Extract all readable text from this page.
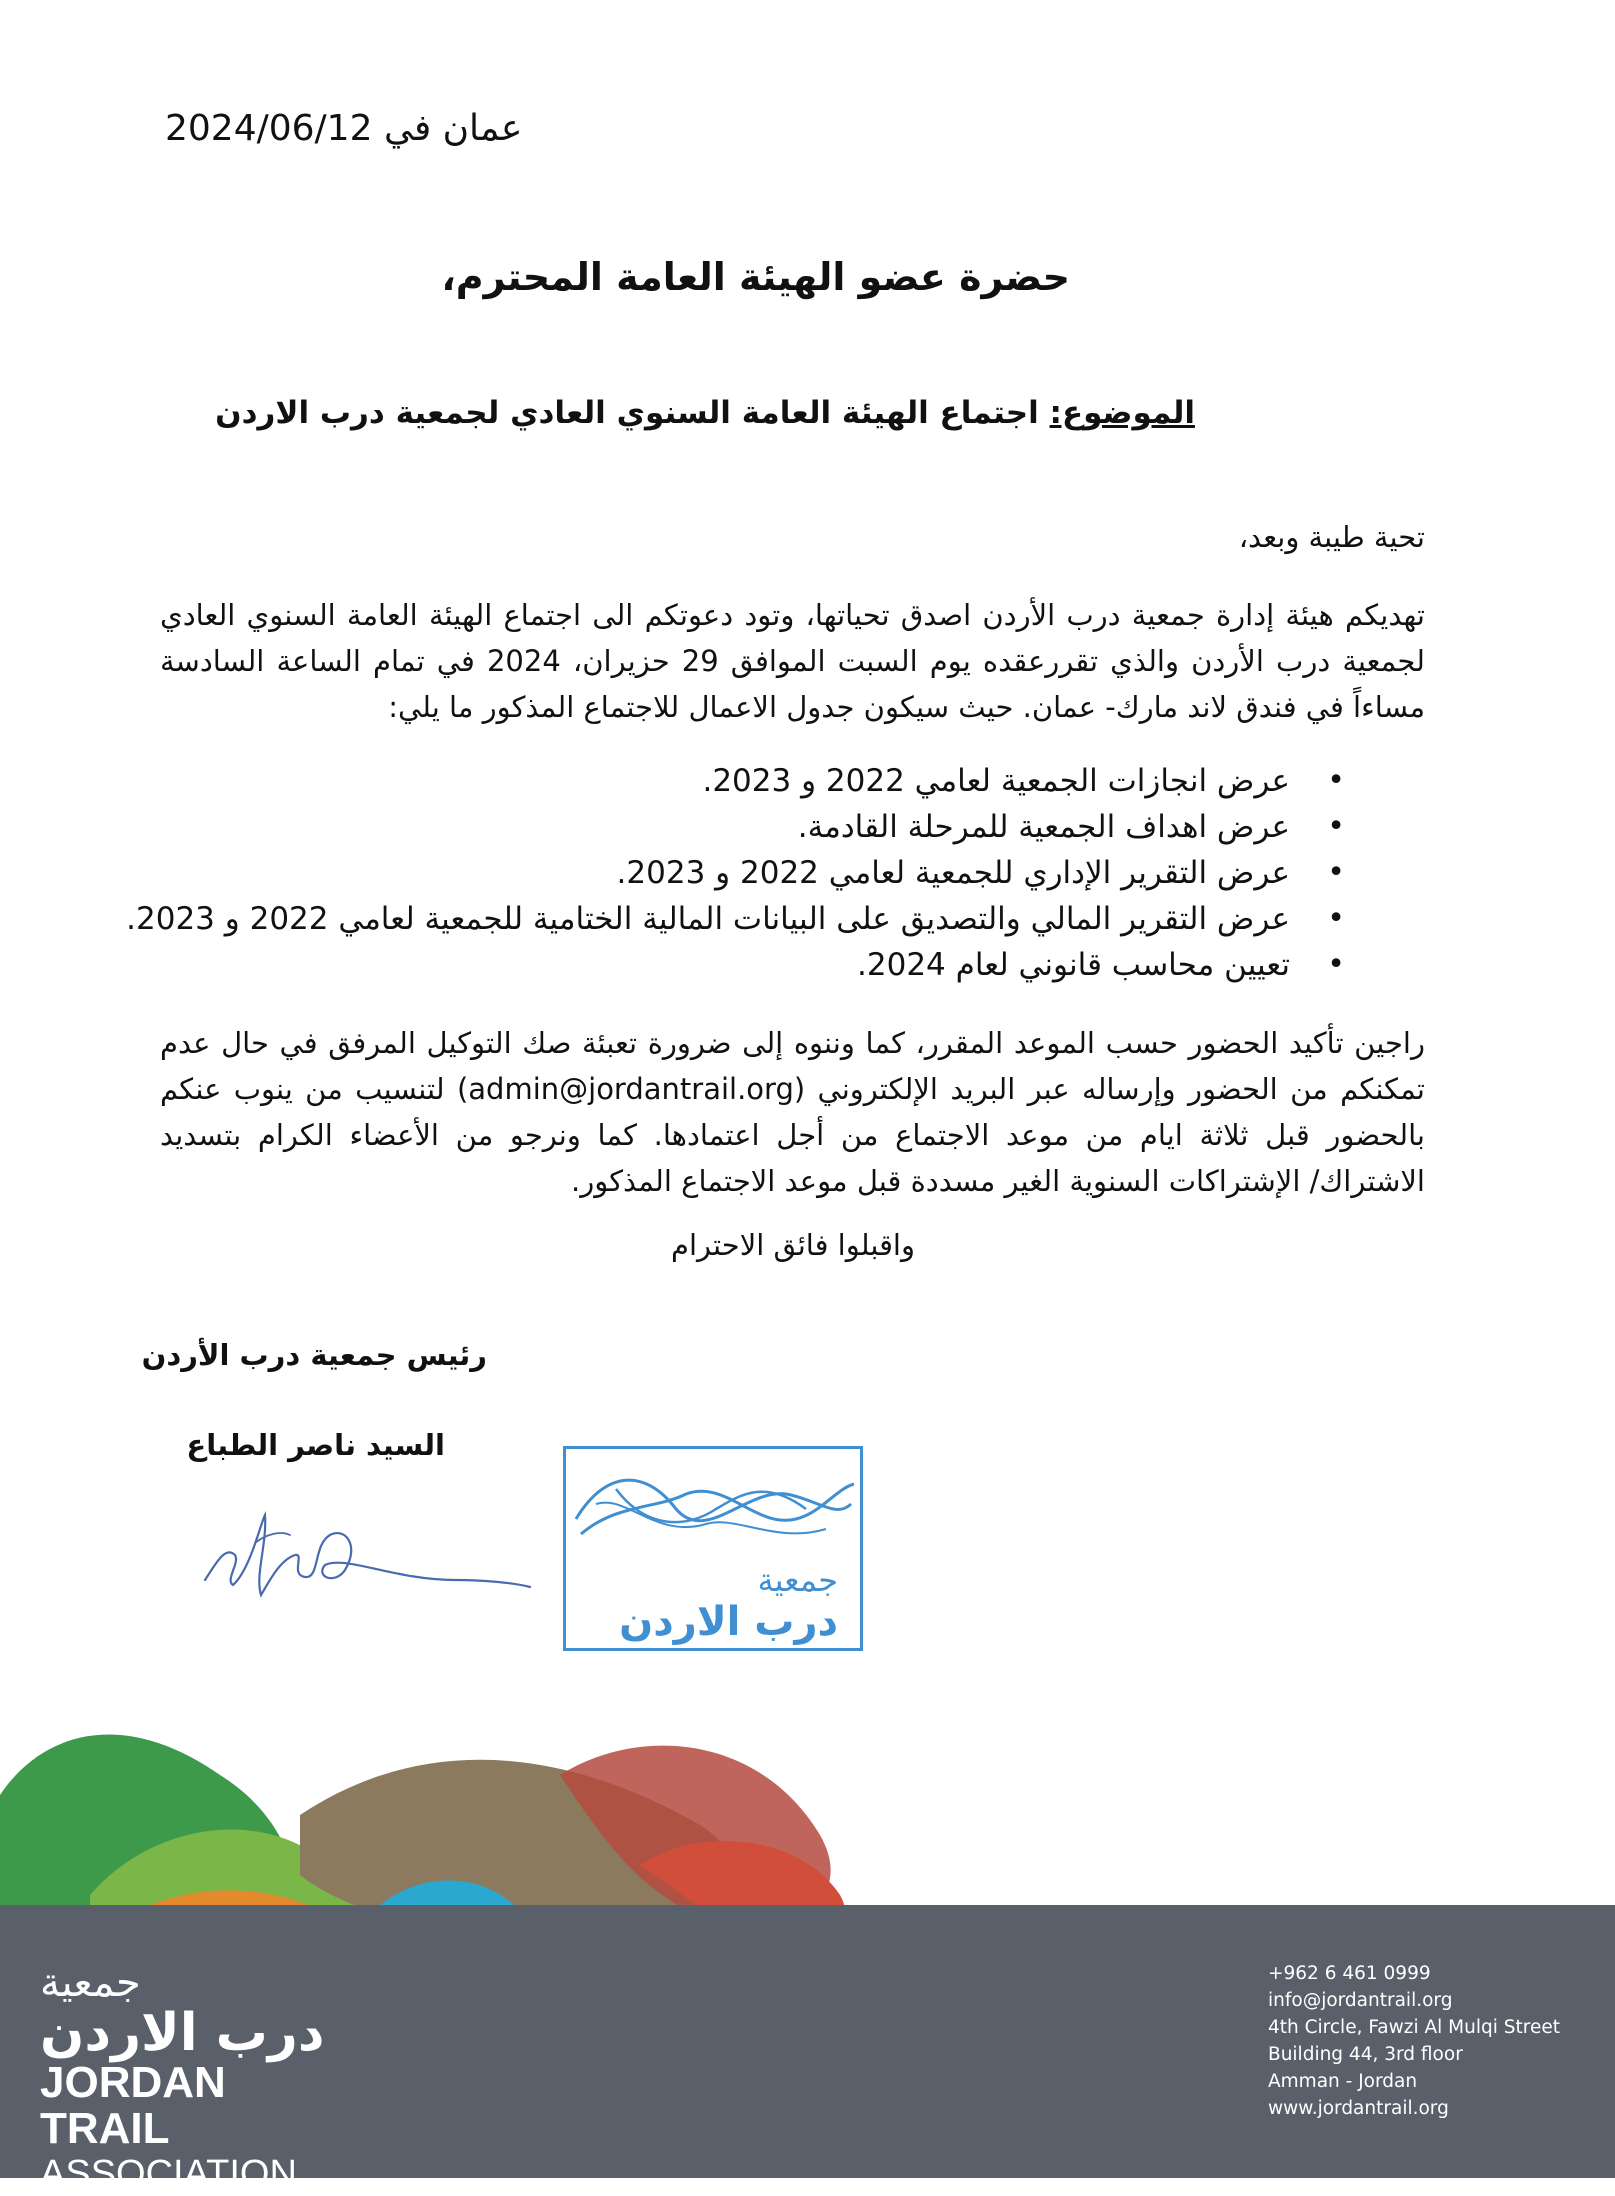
عمان في 2024/06/12
حضرة عضو الهيئة العامة المحترم،
الموضوع: اجتماع الهيئة العامة السنوي العادي لجمعية درب الاردن
تحية طيبة وبعد،
تهديكم هيئة إدارة جمعية درب الأردن اصدق تحياتها، وتود دعوتكم الى اجتماع الهيئة العامة السنوي العادي لجمعية درب الأردن والذي تقررعقده يوم السبت الموافق 29 حزيران، 2024 في تمام الساعة السادسة مساءاً في فندق لاند مارك- عمان. حيث سيكون جدول الاعمال للاجتماع المذكور ما يلي:
• عرض انجازات الجمعية لعامي 2022 و 2023.
• عرض اهداف الجمعية للمرحلة القادمة.
• عرض التقرير الإداري للجمعية لعامي 2022 و 2023.
• عرض التقرير المالي والتصديق على البيانات المالية الختامية للجمعية لعامي 2022 و 2023.
• تعيين محاسب قانوني لعام 2024.
راجين تأكيد الحضور حسب الموعد المقرر، كما وننوه إلى ضرورة تعبئة صك التوكيل المرفق في حال عدم تمكنكم من الحضور وإرساله عبر البريد الإلكتروني (admin@jordantrail.org) لتنسيب من ينوب عنكم بالحضور قبل ثلاثة ايام من موعد الاجتماع من أجل اعتمادها. كما ونرجو من الأعضاء الكرام بتسديد الاشتراك/ الإشتراكات السنوية الغير مسددة قبل موعد الاجتماع المذكور.
واقبلوا فائق الاحترام
رئيس جمعية درب الأردن
السيد ناصر الطباع
جمعية
درب الاردن
جمعية
درب الاردن
JORDAN
TRAIL
ASSOCIATION
+962 6 461 0999
info@jordantrail.org
4th Circle, Fawzi Al Mulqi Street
Building 44, 3rd floor
Amman - Jordan
www.jordantrail.org
